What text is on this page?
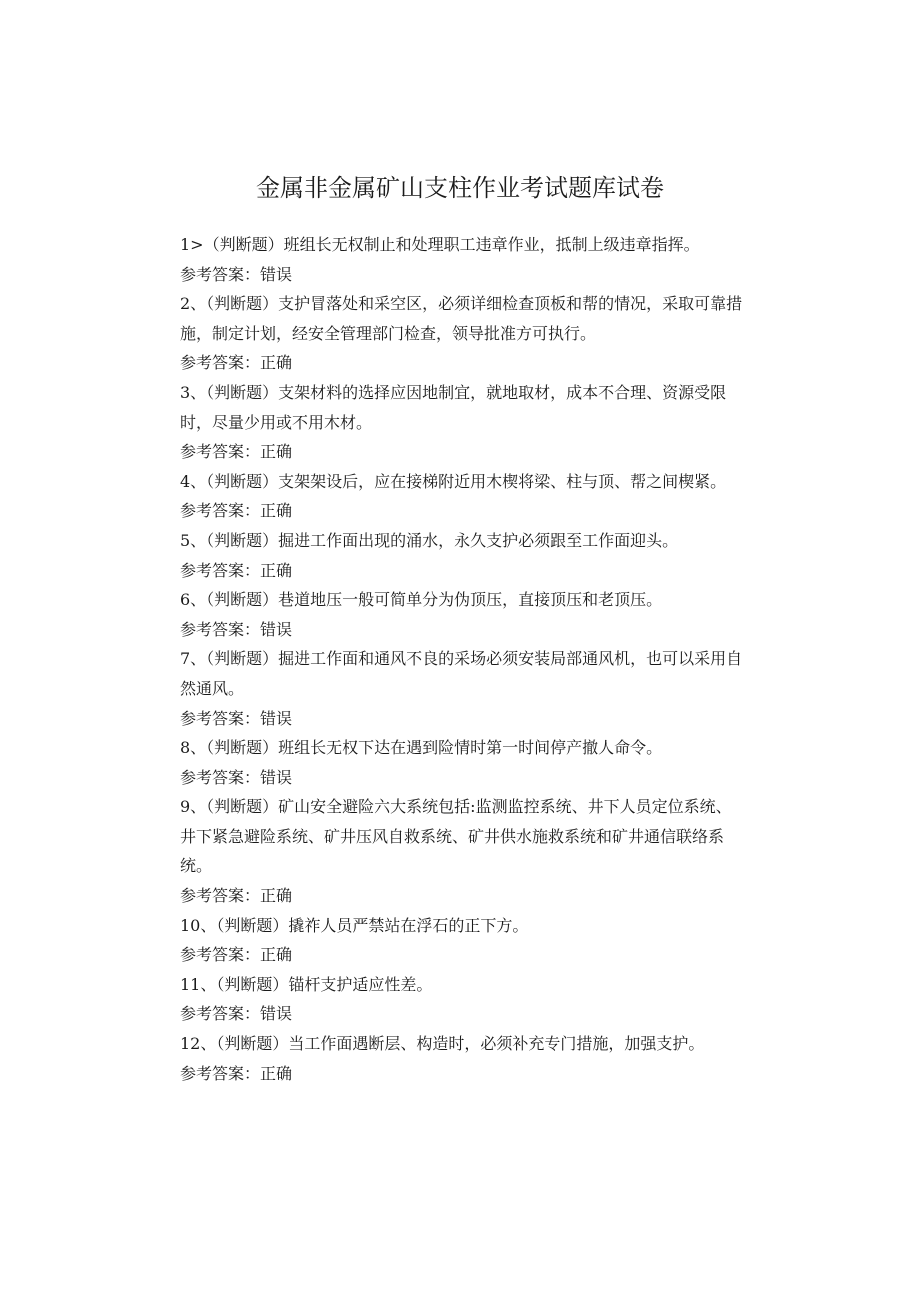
金属非金属矿山支柱作业考试题库试卷

1>（判断题）班组长无权制止和处理职工违章作业，抵制上级违章指挥。

参考答案：错误

2、（判断题）支护冒落处和采空区，必须详细检查顶板和帮的情况，采取可靠措施，制定计划，经安全管理部门检查，领导批准方可执行。

参考答案：正确

3、（判断题）支架材料的选择应因地制宜，就地取材，成本不合理、资源受限时，尽量少用或不用木材。

参考答案：正确

4、（判断题）支架架设后，应在接梯附近用木楔将梁、柱与顶、帮之间楔紧。

参考答案：正确

5、（判断题）掘进工作面出现的涌水，永久支护必须跟至工作面迎头。

参考答案：正确

6、（判断题）巷道地压一般可简单分为伪顶压，直接顶压和老顶压。

参考答案：错误

7、（判断题）掘进工作面和通风不良的采场必须安装局部通风机，也可以采用自然通风。

参考答案：错误

8、（判断题）班组长无权下达在遇到险情时第一时间停产撤人命令。

参考答案：错误

9、（判断题）矿山安全避险六大系统包括:监测监控系统、井下人员定位系统、井下紧急避险系统、矿井压风自救系统、矿井供水施救系统和矿井通信联络系统。

参考答案：正确

10、（判断题）撬祚人员严禁站在浮石的正下方。

参考答案：正确

11、（判断题）锚杆支护适应性差。

参考答案：错误

12、（判断题）当工作面遇断层、构造时，必须补充专门措施，加强支护。

参考答案：正确
